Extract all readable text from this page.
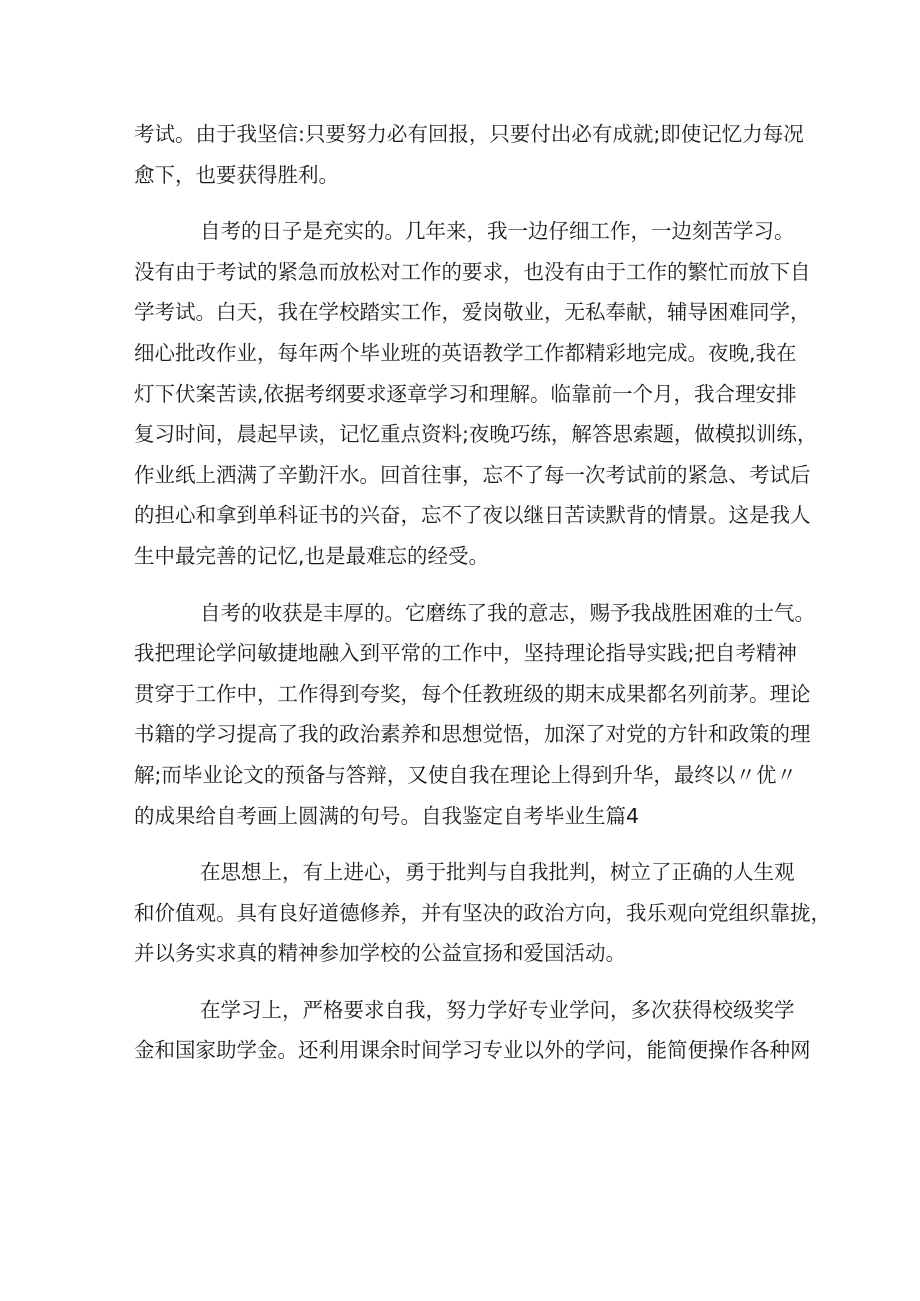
考试。由于我坚信:只要努力必有回报，只要付出必有成就;即使记忆力每况
愈下，也要获得胜利。
自考的日子是充实的。几年来，我一边仔细工作，一边刻苦学习。
没有由于考试的紧急而放松对工作的要求，也没有由于工作的繁忙而放下自
学考试。白天，我在学校踏实工作，爱岗敬业，无私奉献，辅导困难同学，
细心批改作业，每年两个毕业班的英语教学工作都精彩地完成。夜晚,我在
灯下伏案苦读,依据考纲要求逐章学习和理解。临靠前一个月，我合理安排
复习时间，晨起早读，记忆重点资料;夜晚巧练，解答思索题，做模拟训练，
作业纸上洒满了辛勤汗水。回首往事，忘不了每一次考试前的紧急、考试后
的担心和拿到单科证书的兴奋，忘不了夜以继日苦读默背的情景。这是我人
生中最完善的记忆,也是最难忘的经受。
自考的收获是丰厚的。它磨练了我的意志，赐予我战胜困难的士气。
我把理论学问敏捷地融入到平常的工作中，坚持理论指导实践;把自考精神
贯穿于工作中，工作得到夸奖，每个任教班级的期末成果都名列前茅。理论
书籍的学习提高了我的政治素养和思想觉悟，加深了对党的方针和政策的理
解;而毕业论文的预备与答辩，又使自我在理论上得到升华，最终以〃优〃
的成果给自考画上圆满的句号。自我鉴定自考毕业生篇4
在思想上，有上进心，勇于批判与自我批判，树立了正确的人生观
和价值观。具有良好道德修养，并有坚决的政治方向，我乐观向党组织靠拢，
并以务实求真的精神参加学校的公益宣扬和爱国活动。
在学习上，严格要求自我，努力学好专业学问，多次获得校级奖学
金和国家助学金。还利用课余时间学习专业以外的学问，能简便操作各种网
